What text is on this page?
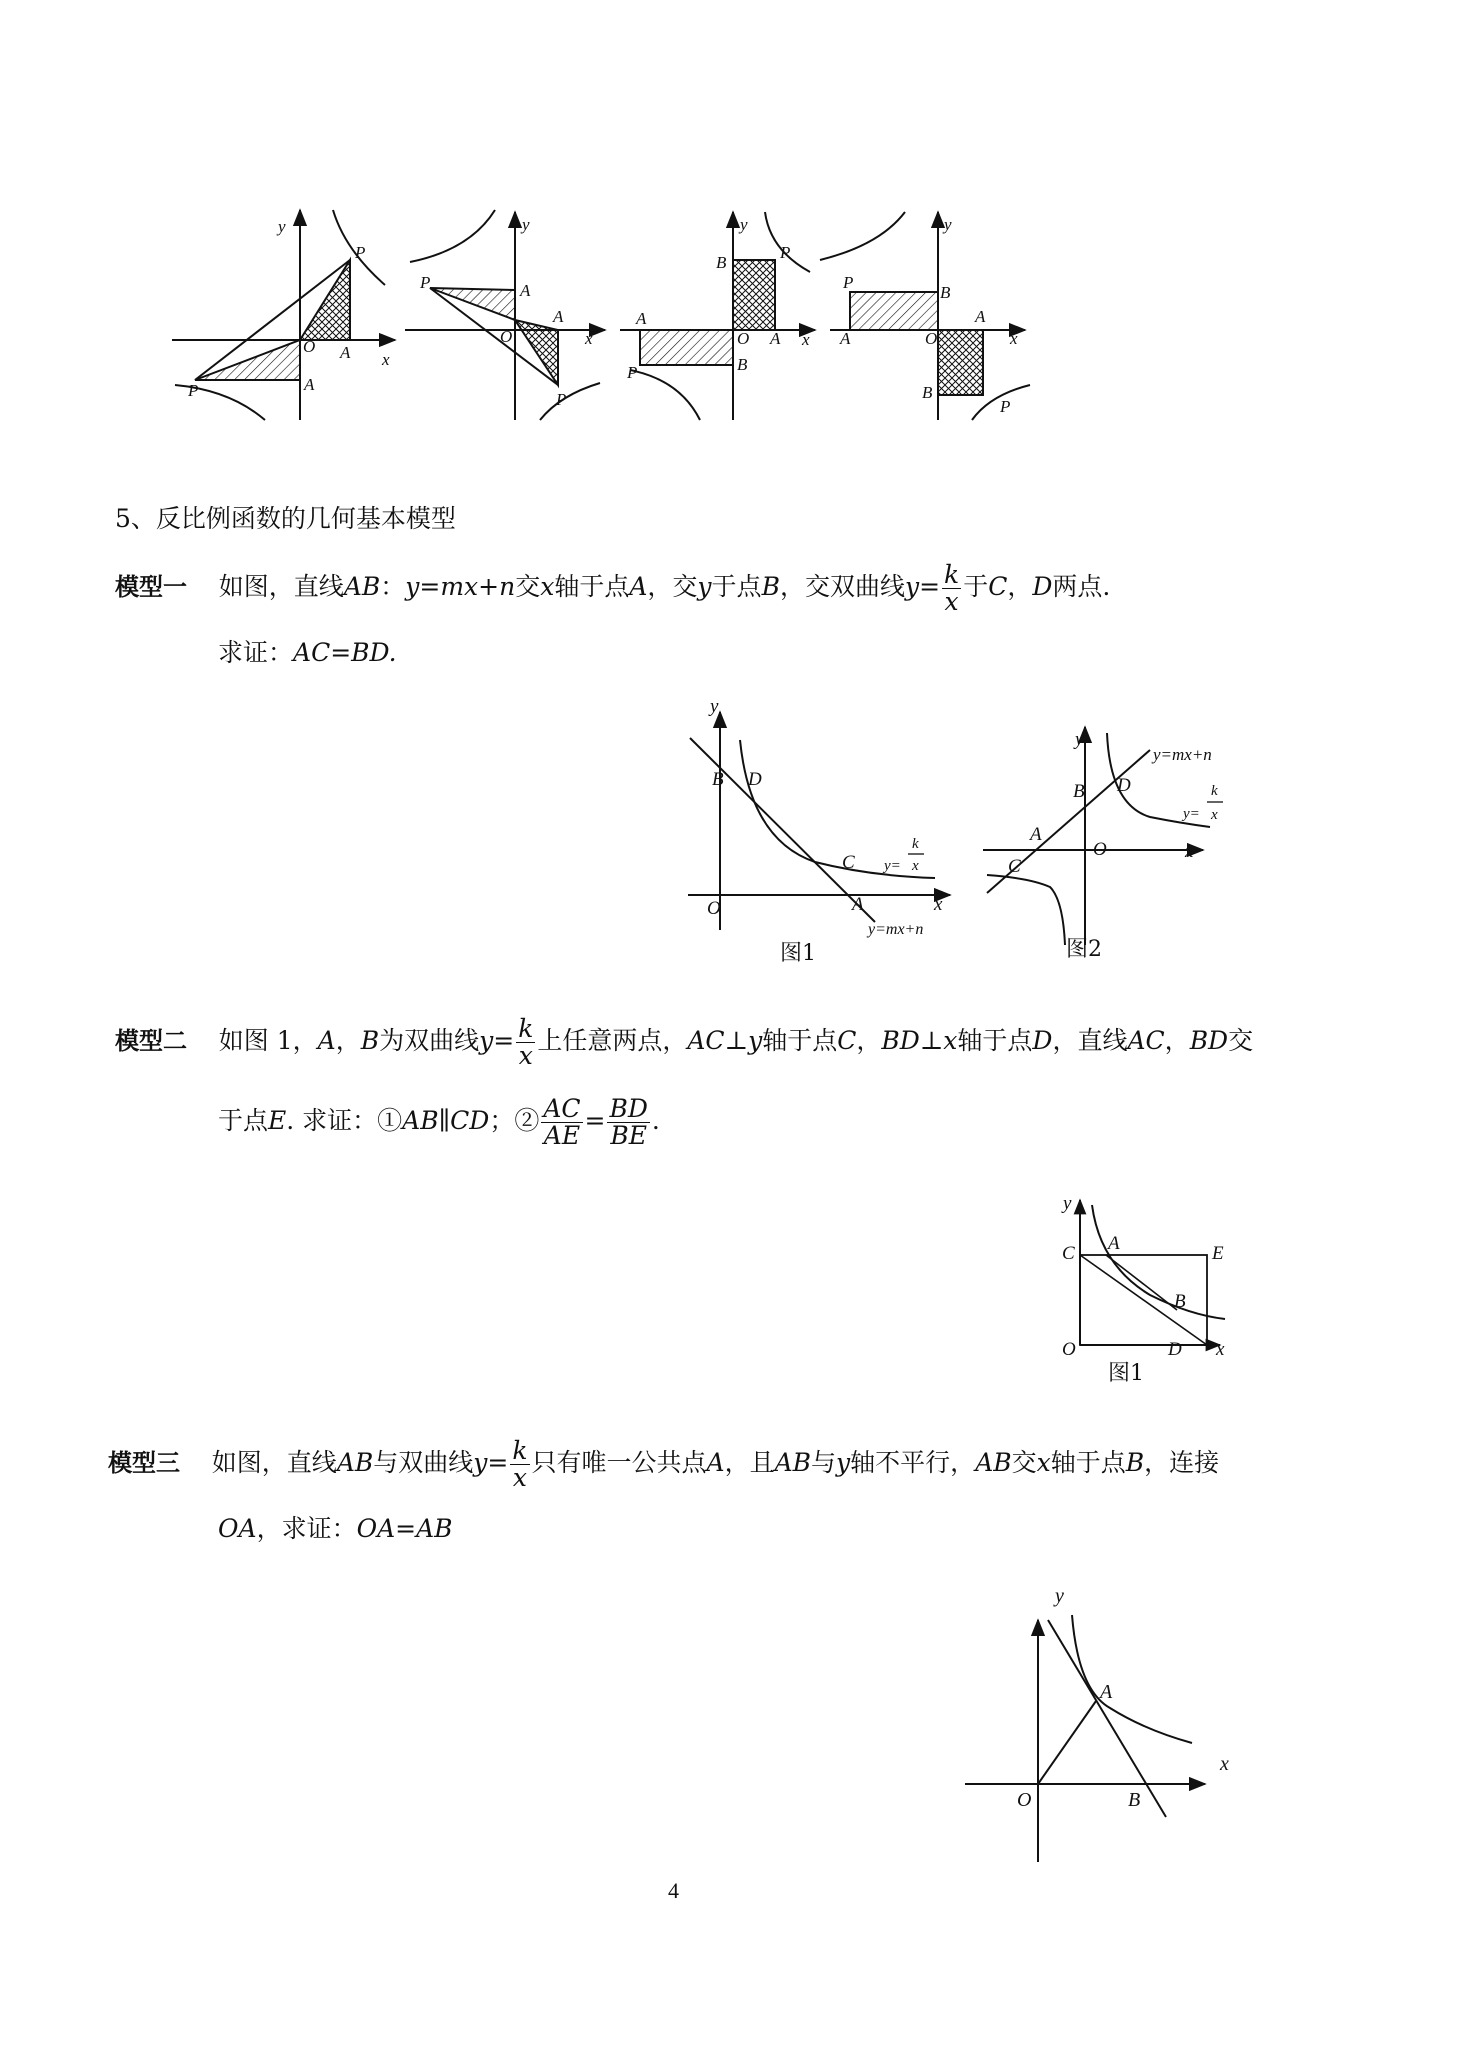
y
P
P
A
A
O
x
y
P	A
A
O	x
P
y
B
P
A
O A x
B
P
y
P
B
A	O
A
x
B
P
5、反比例函数的几何基本模型
模型一 如图，直线AB：y=mx+n交x轴于点A，交y于点B，交双曲线$y= \frac{k}{x}$ 于C，D两点.
求证：AC=BD.
y
B D
C y=
k
x
O	A	x
y=mx+n
图1
y
y=mx+n
B D
y=
k
x
A
O	x
C
图2
模型二 如图 1，A，B为双曲线$y= \frac{k}{x}$ 上任意两点，AC⊥y轴于点C，BD⊥x轴于点D，直线AC，BD交
于点E. 求证：①AB∥CD；② $\frac{AC}{AE} = \frac{BD}{BE}$ .
y
C A	E
B
O	D x
图1
模型三 如图，直线AB与双曲线$y= \frac{k}{x}$ 只有唯一公共点A，且AB与y轴不平行，AB交x轴于点B，连接
OA，求证：OA=AB
y
A
x
O	B
4
